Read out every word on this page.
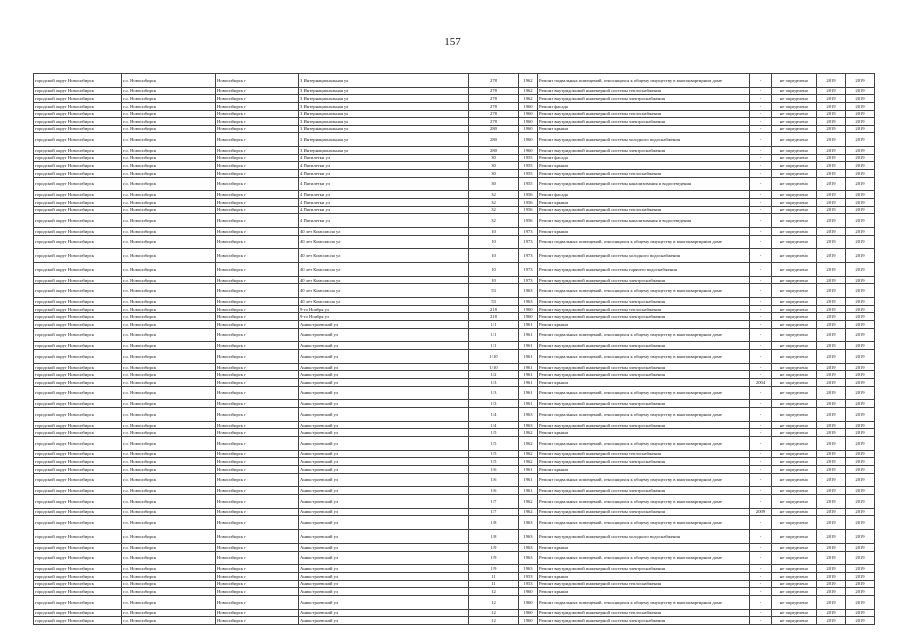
157
городской округ Новосибирск	г.о. Новосибирск	Новосибирск г	3 Интернациональная ул	278	1962	Ремонт подвальных помещений, относящихся к общему имуществу в многоквартирном доме	-	не определено	2019	2019
городской округ Новосибирск	г.о. Новосибирск	Новосибирск г	3 Интернациональная ул	278	1962	Ремонт внутридомовой инженерной системы теплоснабжения	-	не определено	2019	2019
городской округ Новосибирск	г.о. Новосибирск	Новосибирск г	3 Интернациональная ул	278	1962	Ремонт внутридомовой инженерной системы электроснабжения	-	не определено	2019	2019
городской округ Новосибирск	г.о. Новосибирск	Новосибирск г	3 Интернациональная ул	278	1960	Ремонт фасада	-	не определено	2019	2019
городской округ Новосибирск	г.о. Новосибирск	Новосибирск г	3 Интернациональная ул	278	1960	Ремонт внутридомовой инженерной системы теплоснабжения	-	не определено	2019	2019
городской округ Новосибирск	г.о. Новосибирск	Новосибирск г	3 Интернациональная ул	278	1960	Ремонт внутридомовой инженерной системы электроснабжения	-	не определено	2019	2019
городской округ Новосибирск	г.о. Новосибирск	Новосибирск г	3 Интернациональная ул	280	1960	Ремонт крыши	-	не определено	2019	2019
городской округ Новосибирск	г.о. Новосибирск	Новосибирск г	3 Интернациональная ул	280	1960	Ремонт внутридомовой инженерной системы холодного водоснабжения	-	не определено	2019	2019
городской округ Новосибирск	г.о. Новосибирск	Новосибирск г	3 Интернациональная ул	280	1960	Ремонт внутридомовой инженерной системы электроснабжения	-	не определено	2019	2019
городской округ Новосибирск	г.о. Новосибирск	Новосибирск г	4 Пятилетки ул	30	1955	Ремонт фасада	-	не определено	2019	2019
городской округ Новосибирск	г.о. Новосибирск	Новосибирск г	4 Пятилетки ул	30	1955	Ремонт крыши	-	не определено	2019	2019
городской округ Новосибирск	г.о. Новосибирск	Новосибирск г	4 Пятилетки ул	30	1955	Ремонт внутридомовой инженерной системы теплоснабжения	-	не определено	2019	2019
городской округ Новосибирск	г.о. Новосибирск	Новосибирск г	4 Пятилетки ул	30	1955	Ремонт внутридомовой инженерной системы канализования и водоотведения	-	не определено	2019	2019
городской округ Новосибирск	г.о. Новосибирск	Новосибирск г	4 Пятилетки ул	32	1956	Ремонт фасада	-	не определено	2019	2019
городской округ Новосибирск	г.о. Новосибирск	Новосибирск г	4 Пятилетки ул	32	1956	Ремонт крыши	-	не определено	2019	2019
городской округ Новосибирск	г.о. Новосибирск	Новосибирск г	4 Пятилетки ул	32	1956	Ремонт внутридомовой инженерной системы теплоснабжения	-	не определено	2019	2019
городской округ Новосибирск	г.о. Новосибирск	Новосибирск г	4 Пятилетки ул	32	1956	Ремонт внутридомовой инженерной системы канализования и водоотведения	-	не определено	2019	2019
городской округ Новосибирск	г.о. Новосибирск	Новосибирск г	40 лет Комсомола ул	10	1973	Ремонт крыши	-	не определено	2019	2019
городской округ Новосибирск	г.о. Новосибирск	Новосибирск г	40 лет Комсомола ул	10	1973	Ремонт подвальных помещений, относящихся к общему имуществу в многоквартирном доме	-	не определено	2019	2019
городской округ Новосибирск	г.о. Новосибирск	Новосибирск г	40 лет Комсомола ул	10	1973	Ремонт внутридомовой инженерной системы холодного водоснабжения	-	не определено	2019	2019
городской округ Новосибирск	г.о. Новосибирск	Новосибирск г	40 лет Комсомола ул	10	1973	Ремонт внутридомовой инженерной системы горячего водоснабжения	-	не определено	2019	2019
городской округ Новосибирск	г.о. Новосибирск	Новосибирск г	40 лет Комсомола ул	10	1973	Ремонт внутридомовой инженерной системы электроснабжения	-	не определено	2019	2019
городской округ Новосибирск	г.о. Новосибирск	Новосибирск г	40 лет Комсомола ул	53	1963	Ремонт подвальных помещений, относящихся к общему имуществу в многоквартирном доме	-	не определено	2019	2019
городской округ Новосибирск	г.о. Новосибирск	Новосибирск г	40 лет Комсомола ул	53	1963	Ремонт внутридомовой инженерной системы электроснабжения	-	не определено	2019	2019
городской округ Новосибирск	г.о. Новосибирск	Новосибирск г	9-го Ноября ул	218	1960	Ремонт внутридомовой инженерной системы теплоснабжения	-	не определено	2019	2019
городской округ Новосибирск	г.о. Новосибирск	Новосибирск г	9-го Ноября ул	218	1960	Ремонт внутридомовой инженерной системы электроснабжения	-	не определено	2019	2019
городской округ Новосибирск	г.о. Новосибирск	Новосибирск г	Аникстроевский ул	1/1	1961	Ремонт крыши	-	не определено	2019	2019
городской округ Новосибирск	г.о. Новосибирск	Новосибирск г	Аникстроевский ул	1/1	1961	Ремонт подвальных помещений, относящихся к общему имуществу в многоквартирном доме	-	не определено	2019	2019
городской округ Новосибирск	г.о. Новосибирск	Новосибирск г	Аникстроевский ул	1/1	1961	Ремонт внутридомовой инженерной системы электроснабжения	-	не определено	2019	2019
городской округ Новосибирск	г.о. Новосибирск	Новосибирск г	Аникстроевский ул	1/10	1961	Ремонт подвальных помещений, относящихся к общему имуществу в многоквартирном доме	-	не определено	2019	2019
городской округ Новосибирск	г.о. Новосибирск	Новосибирск г	Аникстроевский ул	1/10	1961	Ремонт внутридомовой инженерной системы электроснабжения	-	не определено	2019	2019
городской округ Новосибирск	г.о. Новосибирск	Новосибирск г	Аникстроевский ул	1/2	1961	Ремонт внутридомовой инженерной системы электроснабжения	-	не определено	2019	2019
городской округ Новосибирск	г.о. Новосибирск	Новосибирск г	Аникстроевский ул	1/3	1961	Ремонт крыши	2004	не определено	2019	2019
городской округ Новосибирск	г.о. Новосибирск	Новосибирск г	Аникстроевский ул	1/3	1961	Ремонт подвальных помещений, относящихся к общему имуществу в многоквартирном доме	-	не определено	2019	2019
городской округ Новосибирск	г.о. Новосибирск	Новосибирск г	Аникстроевский ул	1/3	1961	Ремонт внутридомовой инженерной системы электроснабжения	-	не определено	2019	2019
городской округ Новосибирск	г.о. Новосибирск	Новосибирск г	Аникстроевский ул	1/4	1963	Ремонт подвальных помещений, относящихся к общему имуществу в многоквартирном доме	-	не определено	2019	2019
городской округ Новосибирск	г.о. Новосибирск	Новосибирск г	Аникстроевский ул	1/4	1963	Ремонт внутридомовой инженерной системы электроснабжения	-	не определено	2019	2019
городской округ Новосибирск	г.о. Новосибирск	Новосибирск г	Аникстроевский ул	1/5	1962	Ремонт крыши	-	не определено	2019	2019
городской округ Новосибирск	г.о. Новосибирск	Новосибирск г	Аникстроевский ул	1/5	1962	Ремонт подвальных помещений, относящихся к общему имуществу в многоквартирном доме	-	не определено	2019	2019
городской округ Новосибирск	г.о. Новосибирск	Новосибирск г	Аникстроевский ул	1/5	1962	Ремонт внутридомовой инженерной системы теплоснабжения	-	не определено	2019	2019
городской округ Новосибирск	г.о. Новосибирск	Новосибирск г	Аникстроевский ул	1/5	1962	Ремонт внутридомовой инженерной системы электроснабжения	-	не определено	2019	2019
городской округ Новосибирск	г.о. Новосибирск	Новосибирск г	Аникстроевский ул	1/6	1961	Ремонт крыши	-	не определено	2019	2019
городской округ Новосибирск	г.о. Новосибирск	Новосибирск г	Аникстроевский ул	1/6	1961	Ремонт подвальных помещений, относящихся к общему имуществу в многоквартирном доме	-	не определено	2019	2019
городской округ Новосибирск	г.о. Новосибирск	Новосибирск г	Аникстроевский ул	1/6	1961	Ремонт внутридомовой инженерной системы электроснабжения	-	не определено	2019	2019
городской округ Новосибирск	г.о. Новосибирск	Новосибирск г	Аникстроевский ул	1/7	1962	Ремонт подвальных помещений, относящихся к общему имуществу в многоквартирном доме	-	не определено	2019	2019
городской округ Новосибирск	г.о. Новосибирск	Новосибирск г	Аникстроевский ул	1/7	1962	Ремонт внутридомовой инженерной системы электроснабжения	2009	не определено	2019	2019
городской округ Новосибирск	г.о. Новосибирск	Новосибирск г	Аникстроевский ул	1/8	1963	Ремонт подвальных помещений, относящихся к общему имуществу в многоквартирном доме	-	не определено	2019	2019
городской округ Новосибирск	г.о. Новосибирск	Новосибирск г	Аникстроевский ул	1/8	1963	Ремонт внутридомовой инженерной системы холодного водоснабжения	-	не определено	2019	2019
городской округ Новосибирск	г.о. Новосибирск	Новосибирск г	Аникстроевский ул	1/9	1963	Ремонт крыши	-	не определено	2019	2019
городской округ Новосибирск	г.о. Новосибирск	Новосибирск г	Аникстроевский ул	1/9	1963	Ремонт подвальных помещений, относящихся к общему имуществу в многоквартирном доме	-	не определено	2019	2019
городской округ Новосибирск	г.о. Новосибирск	Новосибирск г	Аникстроевский ул	1/9	1963	Ремонт внутридомовой инженерной системы электроснабжения	-	не определено	2019	2019
городской округ Новосибирск	г.о. Новосибирск	Новосибирск г	Аникстроевский ул	11	1953	Ремонт крыши	-	не определено	2019	2019
городской округ Новосибирск	г.о. Новосибирск	Новосибирск г	Аникстроевский ул	11	1953	Ремонт внутридомовой инженерной системы теплоснабжения	-	не определено	2019	2019
городской округ Новосибирск	г.о. Новосибирск	Новосибирск г	Аникстроевский ул	12	1960	Ремонт крыши	-	не определено	2019	2019
городской округ Новосибирск	г.о. Новосибирск	Новосибирск г	Аникстроевский ул	12	1960	Ремонт подвальных помещений, относящихся к общему имуществу в многоквартирном доме	-	не определено	2019	2019
городской округ Новосибирск	г.о. Новосибирск	Новосибирск г	Аникстроевский ул	12	1960	Ремонт внутридомовой инженерной системы теплоснабжения	-	не определено	2019	2019
городской округ Новосибирск	г.о. Новосибирск	Новосибирск г	Аникстроевский ул	12	1960	Ремонт внутридомовой инженерной системы электроснабжения	-	не определено	2019	2019
